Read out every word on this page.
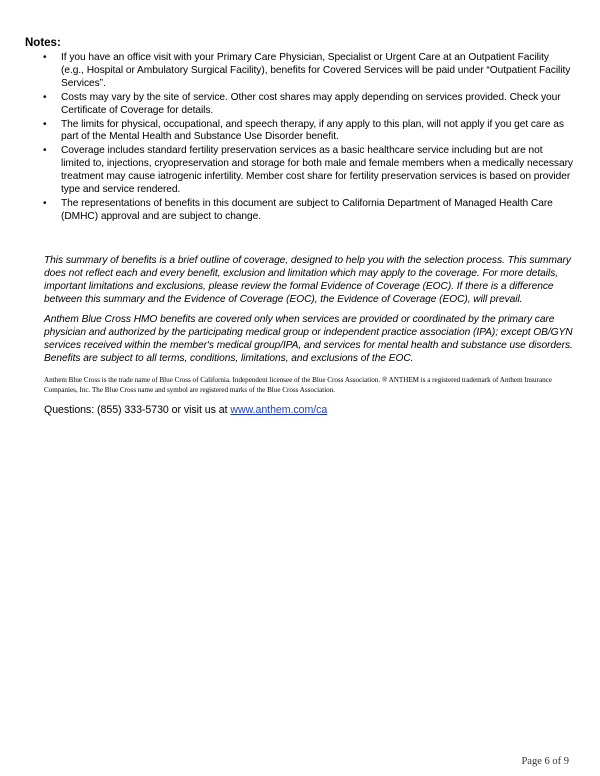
Notes:
• If you have an office visit with your Primary Care Physician, Specialist or Urgent Care at an Outpatient Facility (e.g., Hospital or Ambulatory Surgical Facility), benefits for Covered Services will be paid under “Outpatient Facility Services”.
• Costs may vary by the site of service. Other cost shares may apply depending on services provided. Check your Certificate of Coverage for details.
• The limits for physical, occupational, and speech therapy, if any apply to this plan, will not apply if you get care as part of the Mental Health and Substance Use Disorder benefit.
• Coverage includes standard fertility preservation services as a basic healthcare service including but are not limited to, injections, cryopreservation and storage for both male and female members when a medically necessary treatment may cause iatrogenic infertility. Member cost share for fertility preservation services is based on provider type and service rendered.
• The representations of benefits in this document are subject to California Department of Managed Health Care (DMHC) approval and are subject to change.

This summary of benefits is a brief outline of coverage, designed to help you with the selection process. This summary does not reflect each and every benefit, exclusion and limitation which may apply to the coverage. For more details, important limitations and exclusions, please review the formal Evidence of Coverage (EOC). If there is a difference between this summary and the Evidence of Coverage (EOC), the Evidence of Coverage (EOC), will prevail.

Anthem Blue Cross HMO benefits are covered only when services are provided or coordinated by the primary care physician and authorized by the participating medical group or independent practice association (IPA); except OB/GYN services received within the member's medical group/IPA, and services for mental health and substance use disorders. Benefits are subject to all terms, conditions, limitations, and exclusions of the EOC.

Anthem Blue Cross is the trade name of Blue Cross of California. Independent licensee of the Blue Cross Association. ® ANTHEM is a registered trademark of Anthem Insurance Companies, Inc. The Blue Cross name and symbol are registered marks of the Blue Cross Association.

Questions: (855) 333-5730 or visit us at www.anthem.com/ca
Page 6 of 9
